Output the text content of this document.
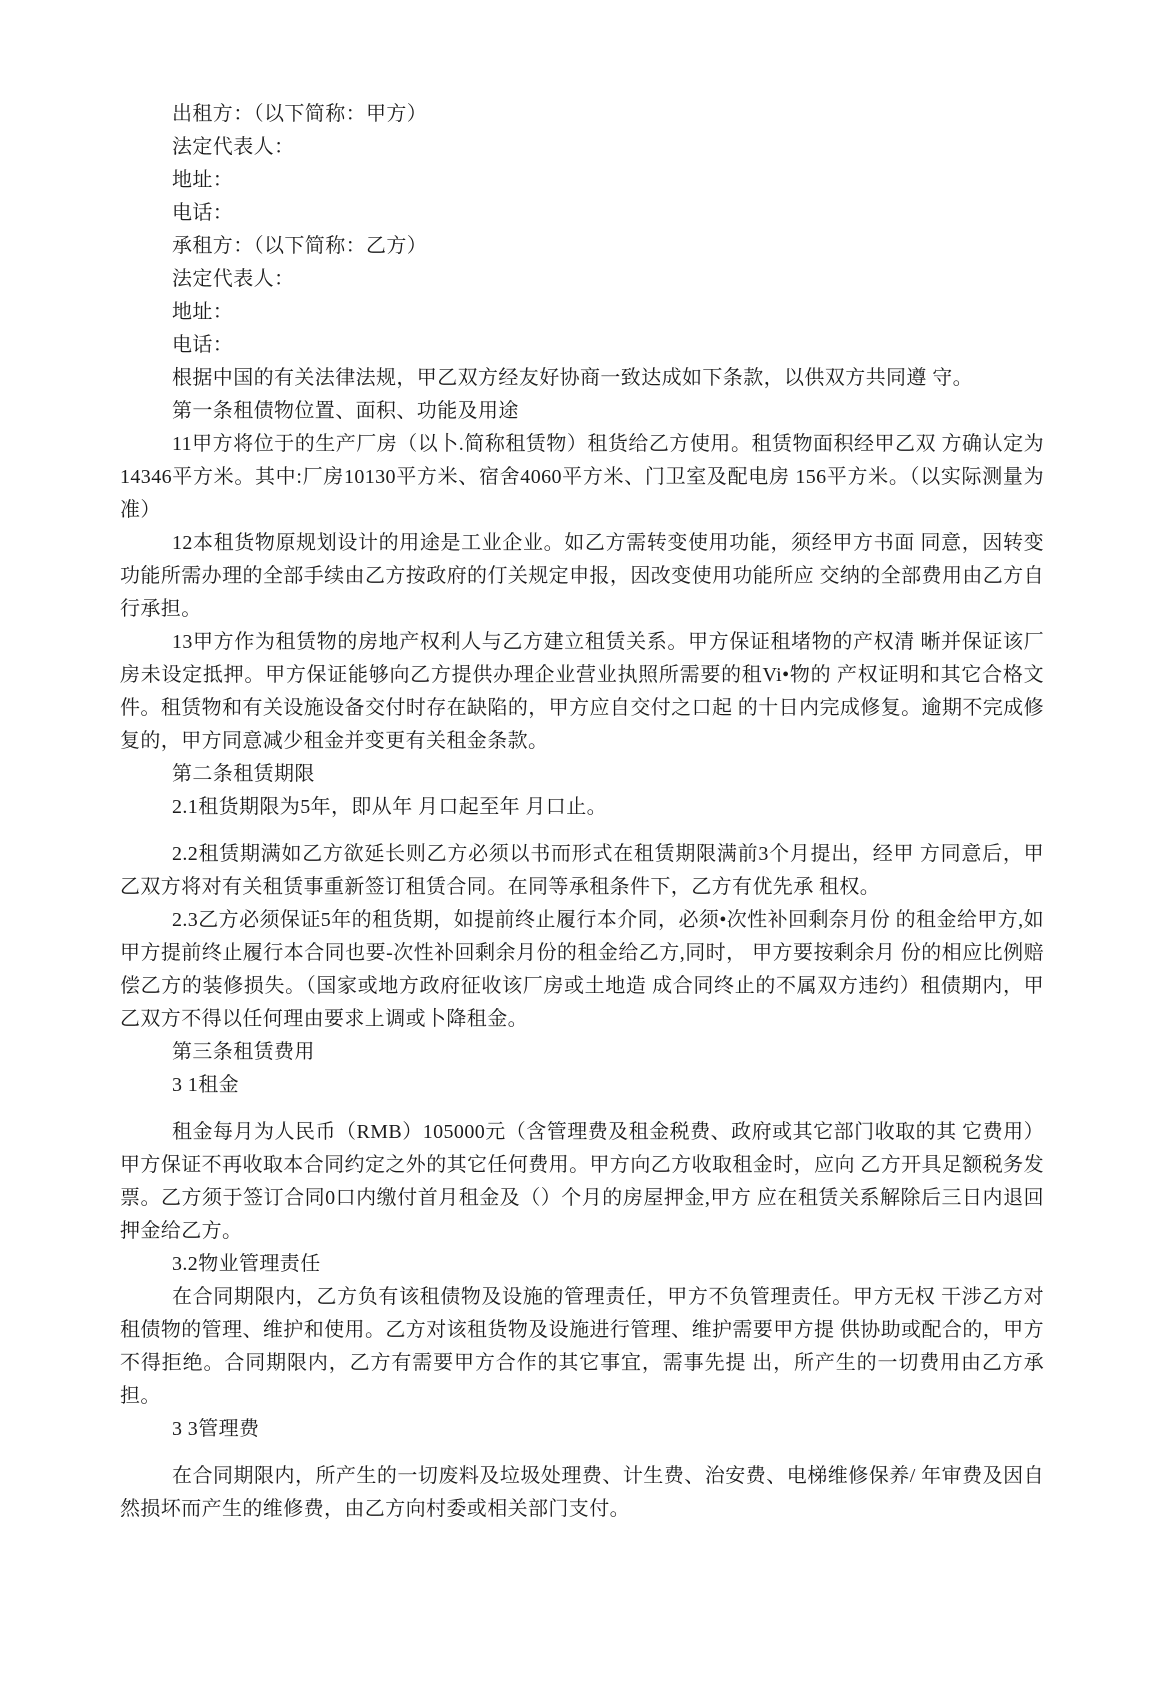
出租方：（以下简称：甲方）

法定代表人：

地址：

电话：

承租方：（以下简称：乙方）

法定代表人：

地址：

电话：

根据中国的有关法律法规，甲乙双方经友好协商一致达成如下条款，以供双方共同遵 守。

第一条租债物位置、面积、功能及用途

11甲方将位于的生产厂房（以卜.简称租赁物）租货给乙方使用。租赁物面积经甲乙双 方确认定为14346平方米。其中:厂房10130平方米、宿舍4060平方米、门卫室及配电房 156平方米。（以实际测量为准）

12本租货物原规划设计的用途是工业企业。如乙方需转变使用功能，须经甲方书面 同意，因转变功能所需办理的全部手续由乙方按政府的仃关规定申报，因改变使用功能所应 交纳的全部费用由乙方自行承担。

13甲方作为租赁物的房地产权利人与乙方建立租赁关系。甲方保证租堵物的产权清 晰并保证该厂房未设定抵押。甲方保证能够向乙方提供办理企业营业执照所需要的租Vi•物的 产权证明和其它合格文件。租赁物和有关设施设备交付时存在缺陷的，甲方应自交付之口起 的十日内完成修复。逾期不完成修复的，甲方同意减少租金并变更有关租金条款。

第二条租赁期限

2.1租货期限为5年，即从年 月口起至年 月口止。

2.2租赁期满如乙方欲延长则乙方必须以书而形式在租赁期限满前3个月提出，经甲 方同意后，甲乙双方将对有关租赁事重新签订租赁合同。在同等承租条件下，乙方有优先承 租权。

2.3乙方必须保证5年的租货期，如提前终止履行本介同，必须•次性补回剩奈月份 的租金给甲方,如甲方提前终止履行本合同也要-次性补回剩余月份的租金给乙方,同时， 甲方要按剩余月 份的相应比例赔偿乙方的装修损失。（国家或地方政府征收该厂房或土地造 成合同终止的不属双方违约）租债期内，甲乙双方不得以任何理由要求上调或卜降租金。

第三条租赁费用

3 1租金

租金每月为人民币（RMB）105000元（含管理费及租金税费、政府或其它部门收取的其 它费用）甲方保证不再收取本合同约定之外的其它任何费用。甲方向乙方收取租金时，应向 乙方开具足额税务发票。乙方须于签订合同0口内缴付首月租金及（）个月的房屋押金,甲方 应在租赁关系解除后三日内退回押金给乙方。

3.2物业管理责任

在合同期限内，乙方负有该租债物及设施的管理责任，甲方不负管理责任。甲方无权 干涉乙方对租债物的管理、维护和使用。乙方对该租货物及设施进行管理、维护需要甲方提 供协助或配合的，甲方不得拒绝。合同期限内，乙方有需要甲方合作的其它事宜，需事先提 出，所产生的一切费用由乙方承担。

3 3管理费

在合同期限内，所产生的一切废料及垃圾处理费、计生费、治安费、电梯维修保养/ 年审费及因自然损坏而产生的维修费，由乙方向村委或相关部门支付。
